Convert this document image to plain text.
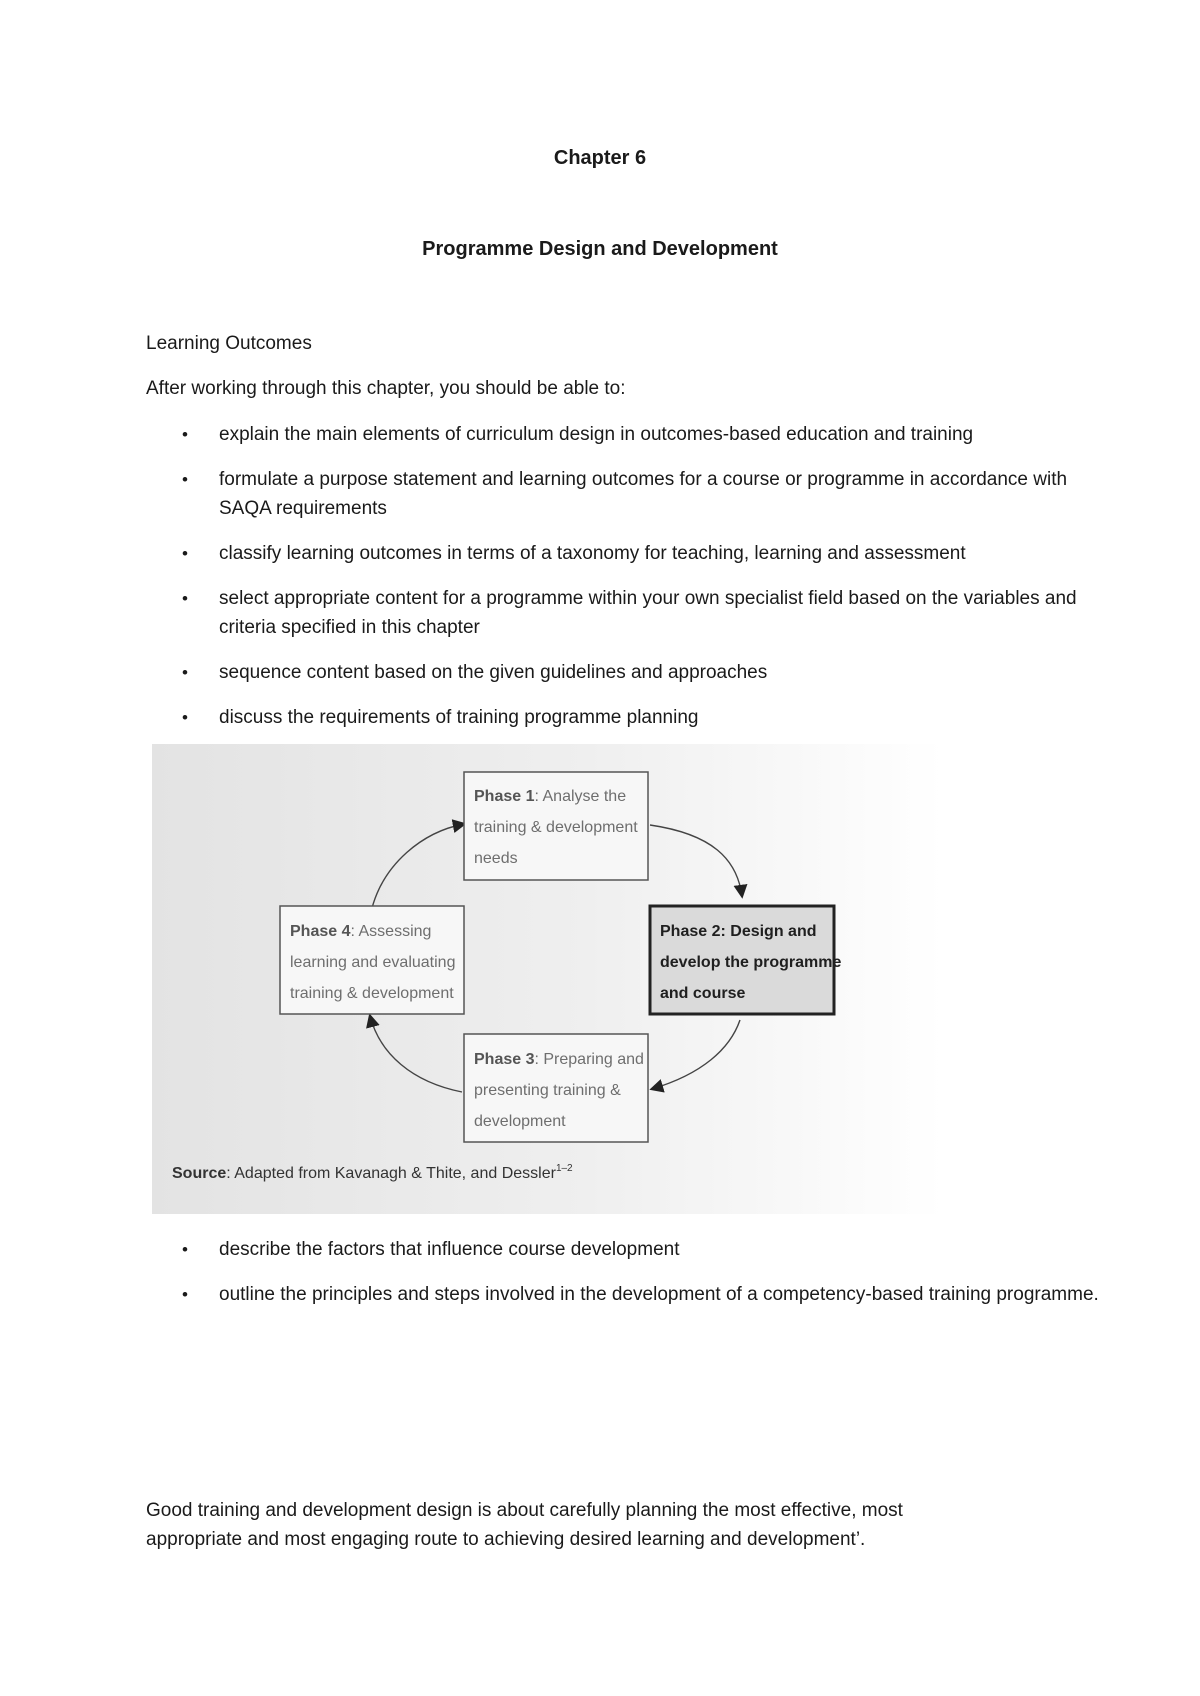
Chapter 6
Programme Design and Development
Learning Outcomes
After working through this chapter, you should be able to:
• explain the main elements of curriculum design in outcomes-based education and training
• formulate a purpose statement and learning outcomes for a course or programme in accordance with SAQA requirements
• classify learning outcomes in terms of a taxonomy for teaching, learning and assessment
• select appropriate content for a programme within your own specialist field based on the variables and criteria specified in this chapter
• sequence content based on the given guidelines and approaches
• discuss the requirements of training programme planning
Phase 1: Analyse the
training & development
needs
Phase 2: Design and
develop the programme
and course
Phase 3: Preparing and
presenting training &
development
Phase 4: Assessing
learning and evaluating
training & development
Source: Adapted from Kavanagh & Thite, and Dessler$^{1-2}$
• describe the factors that influence course development
• outline the principles and steps involved in the development of a competency-based training programme.
Good training and development design is about carefully planning the most effective, most
appropriate and most engaging route to achieving desired learning and development’.
